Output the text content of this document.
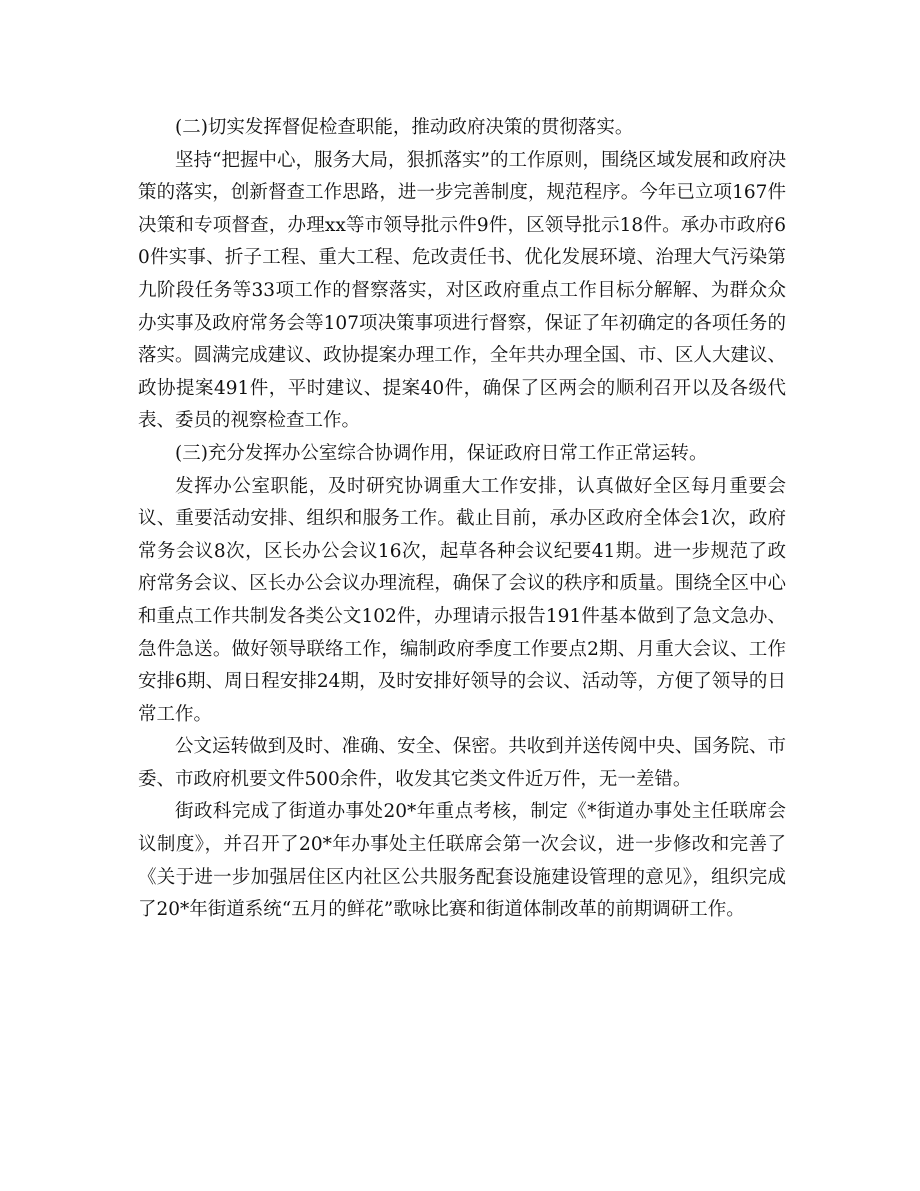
(二)切实发挥督促检查职能，推动政府决策的贯彻落实。

坚持“把握中心，服务大局，狠抓落实”的工作原则，围绕区域发展和政府决策的落实，创新督查工作思路，进一步完善制度，规范程序。今年已立项167件决策和专项督查，办理xx等市领导批示件9件，区领导批示18件。承办市政府60件实事、折子工程、重大工程、危改责任书、优化发展环境、治理大气污染第九阶段任务等33项工作的督察落实，对区政府重点工作目标分解解、为群众众办实事及政府常务会等107项决策事项进行督察，保证了年初确定的各项任务的落实。圆满完成建议、政协提案办理工作，全年共办理全国、市、区人大建议、政协提案491件，平时建议、提案40件，确保了区两会的顺利召开以及各级代表、委员的视察检查工作。

(三)充分发挥办公室综合协调作用，保证政府日常工作正常运转。

发挥办公室职能，及时研究协调重大工作安排，认真做好全区每月重要会议、重要活动安排、组织和服务工作。截止目前，承办区政府全体会1次，政府常务会议8次，区长办公会议16次，起草各种会议纪要41期。进一步规范了政府常务会议、区长办公会议办理流程，确保了会议的秩序和质量。围绕全区中心和重点工作共制发各类公文102件，办理请示报告191件基本做到了急文急办、急件急送。做好领导联络工作，编制政府季度工作要点2期、月重大会议、工作安排6期、周日程安排24期，及时安排好领导的会议、活动等，方便了领导的日常工作。

公文运转做到及时、准确、安全、保密。共收到并送传阅中央、国务院、市委、市政府机要文件500余件，收发其它类文件近万件，无一差错。

街政科完成了街道办事处20*年重点考核，制定《*街道办事处主任联席会议制度》，并召开了20*年办事处主任联席会第一次会议，进一步修改和完善了《关于进一步加强居住区内社区公共服务配套设施建设管理的意见》，组织完成了20*年街道系统“五月的鲜花”歌咏比赛和街道体制改革的前期调研工作。
